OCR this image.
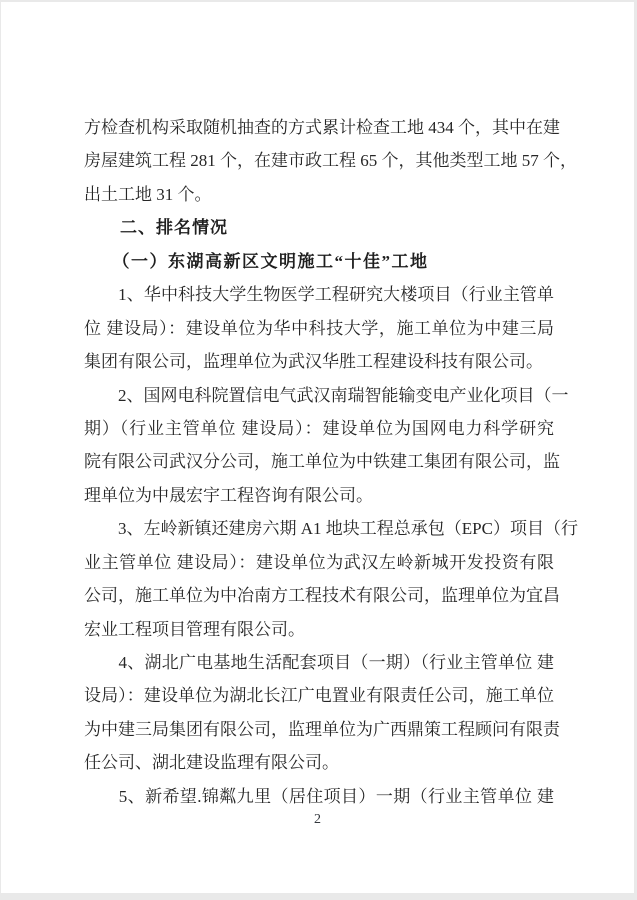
方检查机构采取随机抽查的方式累计检查工地 434 个，其中在建
房屋建筑工程 281 个，在建市政工程 65 个，其他类型工地 57 个，
出土工地 31 个。
　　二、排名情况
　　（一）东湖高新区文明施工“十佳”工地
　　1、华中科技大学生物医学工程研究大楼项目（行业主管单
位 建设局）：建设单位为华中科技大学，施工单位为中建三局
集团有限公司，监理单位为武汉华胜工程建设科技有限公司。
　　2、国网电科院置信电气武汉南瑞智能输变电产业化项目（一
期）（行业主管单位 建设局）：建设单位为国网电力科学研究
院有限公司武汉分公司，施工单位为中铁建工集团有限公司，监
理单位为中晟宏宇工程咨询有限公司。
　　3、左岭新镇还建房六期 A1 地块工程总承包（EPC）项目（行
业主管单位 建设局）：建设单位为武汉左岭新城开发投资有限
公司，施工单位为中冶南方工程技术有限公司，监理单位为宜昌
宏业工程项目管理有限公司。
　　4、湖北广电基地生活配套项目（一期）（行业主管单位 建
设局）：建设单位为湖北长江广电置业有限责任公司，施工单位
为中建三局集团有限公司，监理单位为广西鼎策工程顾问有限责
任公司、湖北建设监理有限公司。
　　5、新希望.锦粼九里（居住项目）一期（行业主管单位 建
2
